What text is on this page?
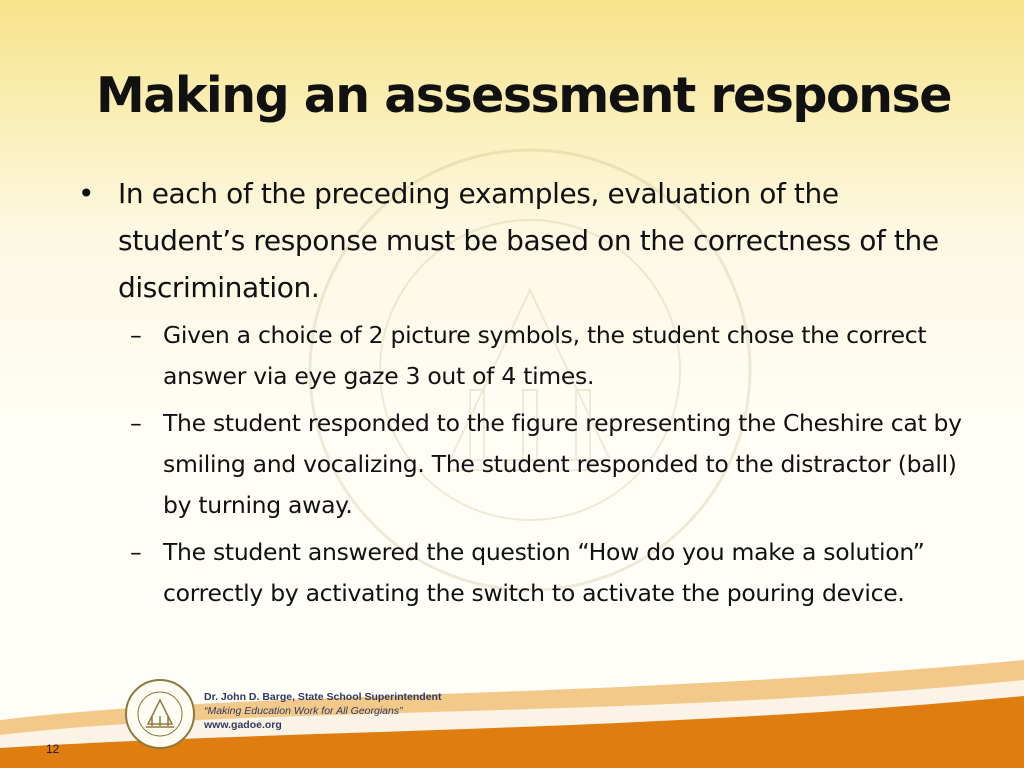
Making an assessment response
• In each of the preceding examples, evaluation of the student’s response must be based on the correctness of the discrimination.
– Given a choice of 2 picture symbols, the student chose the correct answer via eye gaze 3 out of 4 times.
– The student responded to the figure representing the Cheshire cat by smiling and vocalizing. The student responded to the distractor (ball) by turning away.
– The student answered the question “How do you make a solution” correctly by activating the switch to activate the pouring device.
Dr. John D. Barge, State School Superintendent
“Making Education Work for All Georgians”
www.gadoe.org
12
